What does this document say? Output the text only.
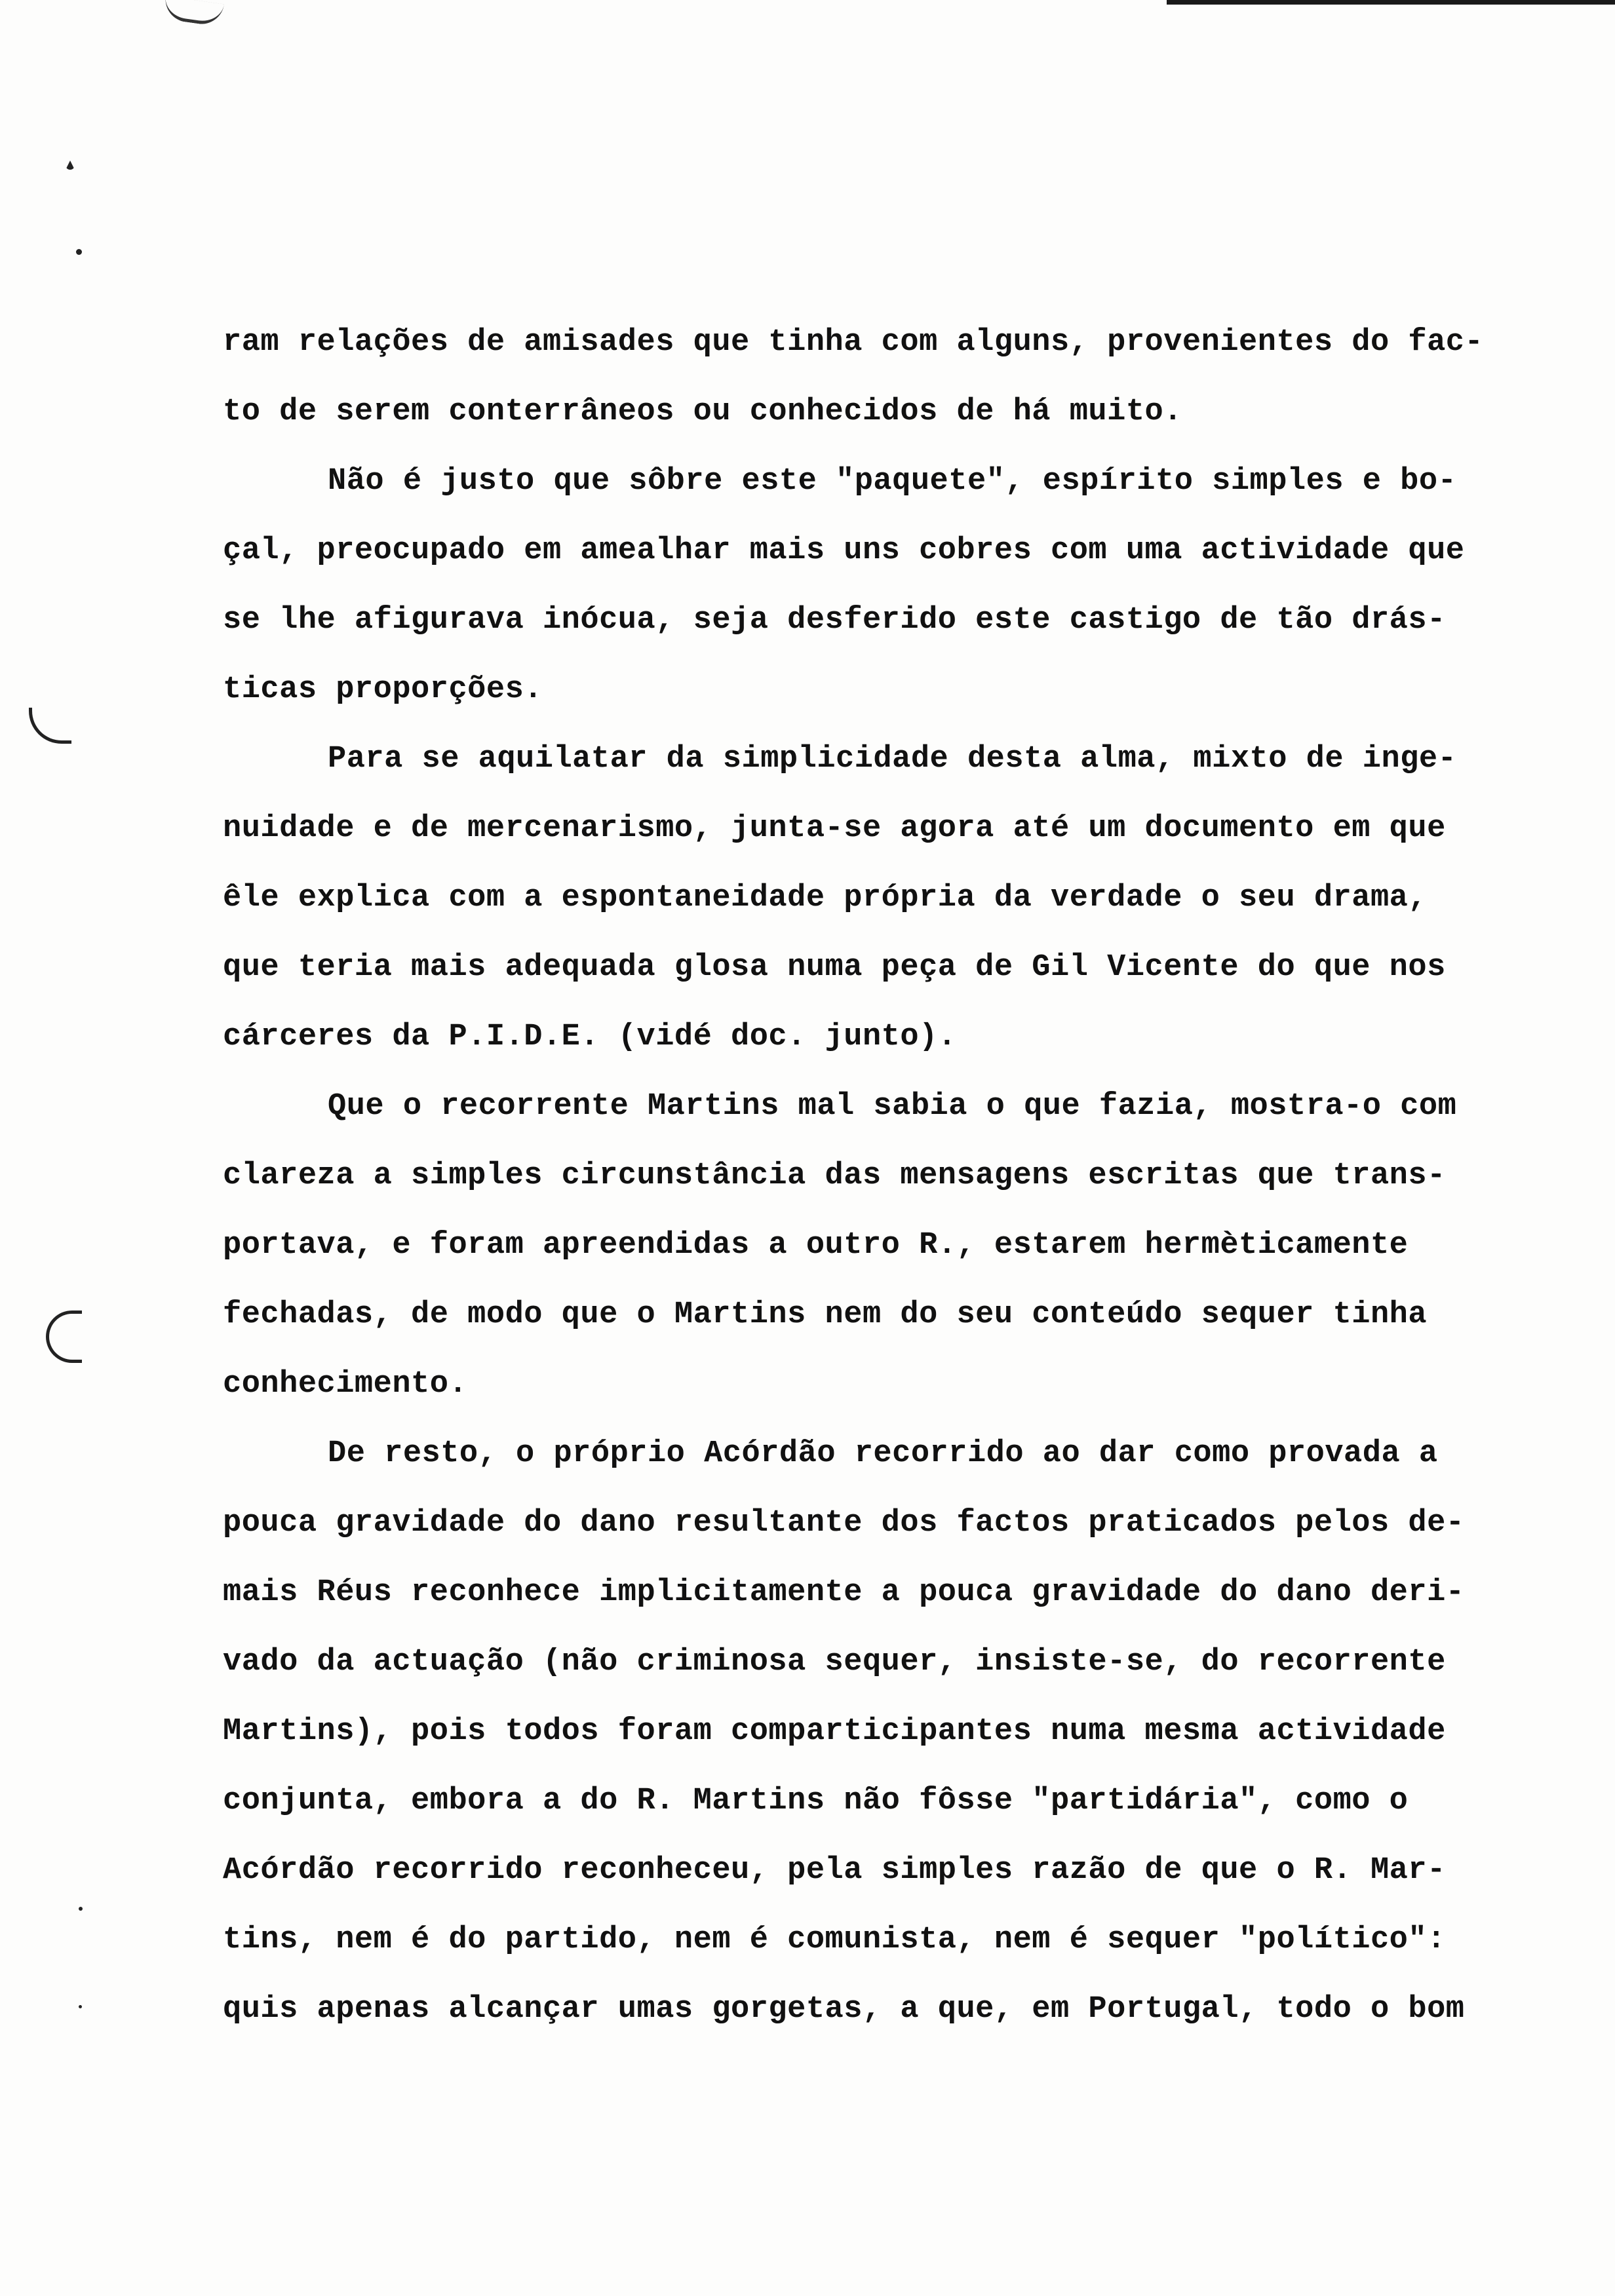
ram relações de amisades que tinha com alguns, provenientes do fac-
to de serem conterrâneos ou conhecidos de há muito.
Não é justo que sôbre este "paquete", espírito simples e bo-
çal, preocupado em amealhar mais uns cobres com uma actividade que
se lhe afigurava inócua, seja desferido este castigo de tão drás-
ticas proporções.
Para se aquilatar da simplicidade desta alma, mixto de inge-
nuidade e de mercenarismo, junta-se agora até um documento em que
êle explica com a espontaneidade própria da verdade o seu drama,
que teria mais adequada glosa numa peça de Gil Vicente do que nos
cárceres da P.I.D.E. (vidé doc. junto).
Que o recorrente Martins mal sabia o que fazia, mostra-o com
clareza a simples circunstância das mensagens escritas que trans-
portava, e foram apreendidas a outro R., estarem hermèticamente
fechadas, de modo que o Martins nem do seu conteúdo sequer tinha
conhecimento.
De resto, o próprio Acórdão recorrido ao dar como provada a
pouca gravidade do dano resultante dos factos praticados pelos de-
mais Réus reconhece implicitamente a pouca gravidade do dano deri-
vado da actuação (não criminosa sequer, insiste-se, do recorrente
Martins), pois todos foram comparticipantes numa mesma actividade
conjunta, embora a do R. Martins não fôsse "partidária", como o
Acórdão recorrido reconheceu, pela simples razão de que o R. Mar-
tins, nem é do partido, nem é comunista, nem é sequer "político":
quis apenas alcançar umas gorgetas, a que, em Portugal, todo o bom
